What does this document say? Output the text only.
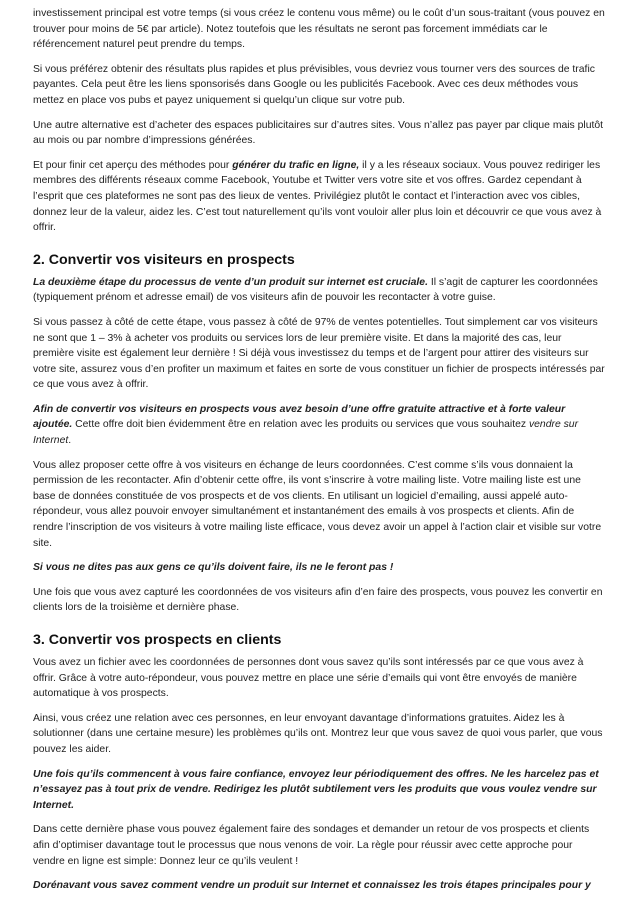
investissement principal est votre temps (si vous créez le contenu vous même) ou le coût d’un sous-traitant (vous pouvez en trouver pour moins de 5€ par article). Notez toutefois que les résultats ne seront pas forcement immédiats car le référencement naturel peut prendre du temps.

Si vous préférez obtenir des résultats plus rapides et plus prévisibles, vous devriez vous tourner vers des sources de trafic payantes. Cela peut être les liens sponsorisés dans Google ou les publicités Facebook. Avec ces deux méthodes vous mettez en place vos pubs et payez uniquement si quelqu’un clique sur votre pub.

Une autre alternative est d’acheter des espaces publicitaires sur d’autres sites. Vous n’allez pas payer par clique mais plutôt au mois ou par nombre d’impressions générées.

Et pour finir cet aperçu des méthodes pour générer du trafic en ligne, il y a les réseaux sociaux. Vous pouvez rediriger les membres des différents réseaux comme Facebook, Youtube et Twitter vers votre site et vos offres. Gardez cependant à l’esprit que ces plateformes ne sont pas des lieux de ventes. Privilégiez plutôt le contact et l’interaction avec vos cibles, donnez leur de la valeur, aidez les. C’est tout naturellement qu’ils vont vouloir aller plus loin et découvrir ce que vous avez à offrir.

2. Convertir vos visiteurs en prospects

La deuxième étape du processus de vente d’un produit sur internet est cruciale. Il s’agit de capturer les coordonnées (typiquement prénom et adresse email) de vos visiteurs afin de pouvoir les recontacter à votre guise.

Si vous passez à côté de cette étape, vous passez à côté de 97% de ventes potentielles. Tout simplement car vos visiteurs ne sont que 1 – 3% à acheter vos produits ou services lors de leur première visite. Et dans la majorité des cas, leur première visite est également leur dernière ! Si déjà vous investissez du temps et de l’argent pour attirer des visiteurs sur votre site, assurez vous d’en profiter un maximum et faites en sorte de vous constituer un fichier de prospects intéressés par ce que vous avez à offrir.

Afin de convertir vos visiteurs en prospects vous avez besoin d’une offre gratuite attractive et à forte valeur ajoutée. Cette offre doit bien évidemment être en relation avec les produits ou services que vous souhaitez vendre sur Internet.

Vous allez proposer cette offre à vos visiteurs en échange de leurs coordonnées. C’est comme s’ils vous donnaient la permission de les recontacter. Afin d’obtenir cette offre, ils vont s’inscrire à votre mailing liste. Votre mailing liste est une base de données constituée de vos prospects et de vos clients. En utilisant un logiciel d’emailing, aussi appelé auto-répondeur, vous allez pouvoir envoyer simultanément et instantanément des emails à vos prospects et clients. Afin de rendre l’inscription de vos visiteurs à votre mailing liste efficace, vous devez avoir un appel à l’action clair et visible sur votre site.

Si vous ne dites pas aux gens ce qu’ils doivent faire, ils ne le feront pas !

Une fois que vous avez capturé les coordonnées de vos visiteurs afin d’en faire des prospects, vous pouvez les convertir en clients lors de la troisième et dernière phase.

3. Convertir vos prospects en clients

Vous avez un fichier avec les coordonnées de personnes dont vous savez qu’ils sont intéressés par ce que vous avez à offrir. Grâce à votre auto-répondeur, vous pouvez mettre en place une série d’emails qui vont être envoyés de manière automatique à vos prospects.

Ainsi, vous créez une relation avec ces personnes, en leur envoyant davantage d’informations gratuites. Aidez les à solutionner (dans une certaine mesure) les problèmes qu’ils ont. Montrez leur que vous savez de quoi vous parler, que vous pouvez les aider.

Une fois qu’ils commencent à vous faire confiance, envoyez leur périodiquement des offres. Ne les harcelez pas et n’essayez pas à tout prix de vendre. Redirigez les plutôt subtilement vers les produits que vous voulez vendre sur Internet.

Dans cette dernière phase vous pouvez également faire des sondages et demander un retour de vos prospects et clients afin d’optimiser davantage tout le processus que nous venons de voir. La règle pour réussir avec cette approche pour vendre en ligne est simple: Donnez leur ce qu’ils veulent !

Dorénavant vous savez comment vendre un produit sur Internet et connaissez les trois étapes principales pour y
